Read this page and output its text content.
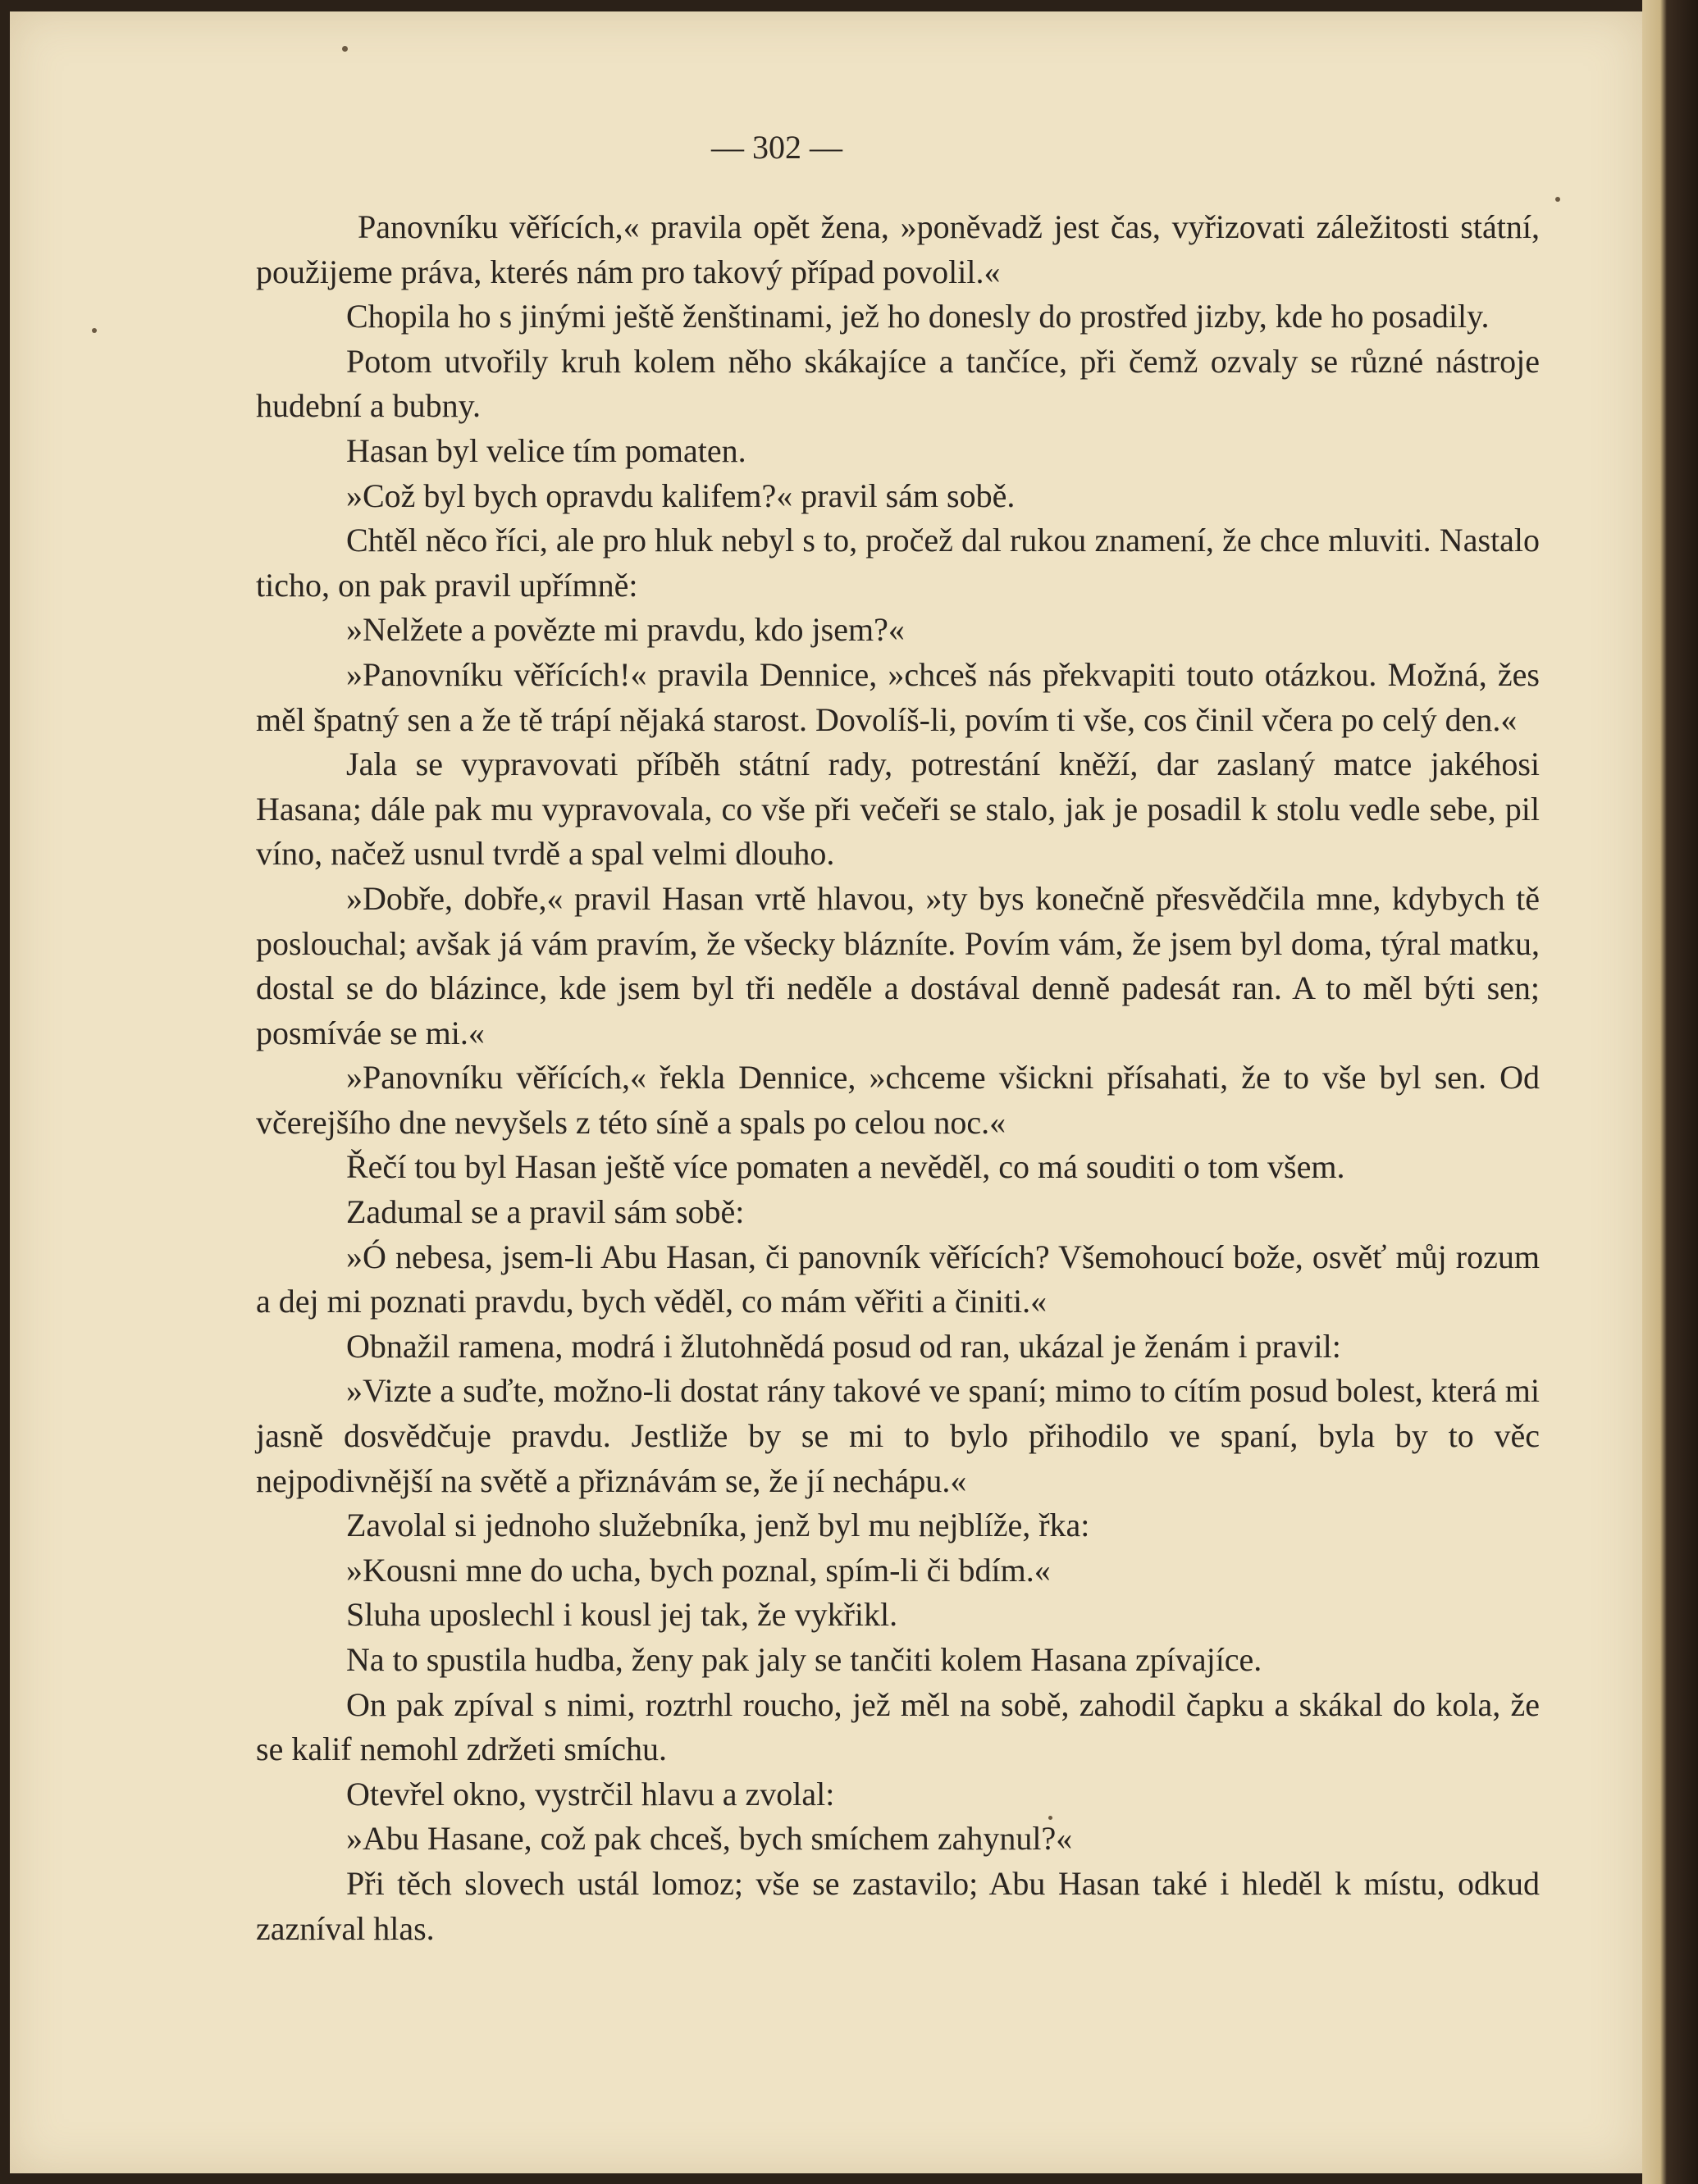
— 302 —

Panovníku věřících,« pravila opět žena, »poněvadž jest čas, vyřizovati záležitosti státní, použijeme práva, kterés nám pro takový případ povolil.«

Chopila ho s jinými ještě ženštinami, jež ho donesly do prostřed jizby, kde ho posadily.

Potom utvořily kruh kolem něho skákajíce a tančíce, při čemž ozvaly se různé nástroje hudební a bubny.

Hasan byl velice tím pomaten.

»Což byl bych opravdu kalifem?« pravil sám sobě.

Chtěl něco říci, ale pro hluk nebyl s to, pročež dal rukou znamení, že chce mluviti. Nastalo ticho, on pak pravil upřímně:

»Nelžete a povězte mi pravdu, kdo jsem?«

»Panovníku věřících!« pravila Dennice, »chceš nás překvapiti touto otázkou. Možná, žes měl špatný sen a že tě trápí nějaká starost. Dovolíš-li, povím ti vše, cos činil včera po celý den.«

Jala se vypravovati příběh státní rady, potrestání kněží, dar zaslaný matce jakéhosi Hasana; dále pak mu vypravovala, co vše při večeři se stalo, jak je posadil k stolu vedle sebe, pil víno, načež usnul tvrdě a spal velmi dlouho.

»Dobře, dobře,« pravil Hasan vrtě hlavou, »ty bys konečně přesvědčila mne, kdybych tě poslouchal; avšak já vám pravím, že všecky blázníte. Povím vám, že jsem byl doma, týral matku, dostal se do blázince, kde jsem byl tři neděle a dostával denně padesát ran. A to měl býti sen; posmíváe se mi.«

»Panovníku věřících,« řekla Dennice, »chceme všickni přísahati, že to vše byl sen. Od včerejšího dne nevyšels z této síně a spals po celou noc.«

Řečí tou byl Hasan ještě více pomaten a nevěděl, co má souditi o tom všem.

Zadumal se a pravil sám sobě:

»Ó nebesa, jsem-li Abu Hasan, či panovník věřících? Všemohoucí bože, osvěť můj rozum a dej mi poznati pravdu, bych věděl, co mám věřiti a činiti.«

Obnažil ramena, modrá i žlutohnědá posud od ran, ukázal je ženám i pravil:

»Vizte a suďte, možno-li dostat rány takové ve spaní; mimo to cítím posud bolest, která mi jasně dosvědčuje pravdu. Jestliže by se mi to bylo přihodilo ve spaní, byla by to věc nejpodivnější na světě a přiznávám se, že jí nechápu.«

Zavolal si jednoho služebníka, jenž byl mu nejblíže, řka:

»Kousni mne do ucha, bych poznal, spím-li či bdím.«

Sluha uposlechl i kousl jej tak, že vykřikl.

Na to spustila hudba, ženy pak jaly se tančiti kolem Hasana zpívajíce.

On pak zpíval s nimi, roztrhl roucho, jež měl na sobě, zahodil čapku a skákal do kola, že se kalif nemohl zdržeti smíchu.

Otevřel okno, vystrčil hlavu a zvolal:

»Abu Hasane, což pak chceš, bych smíchem zahynul?«

Při těch slovech ustál lomoz; vše se zastavilo; Abu Hasan také i hleděl k místu, odkud zazníval hlas.
